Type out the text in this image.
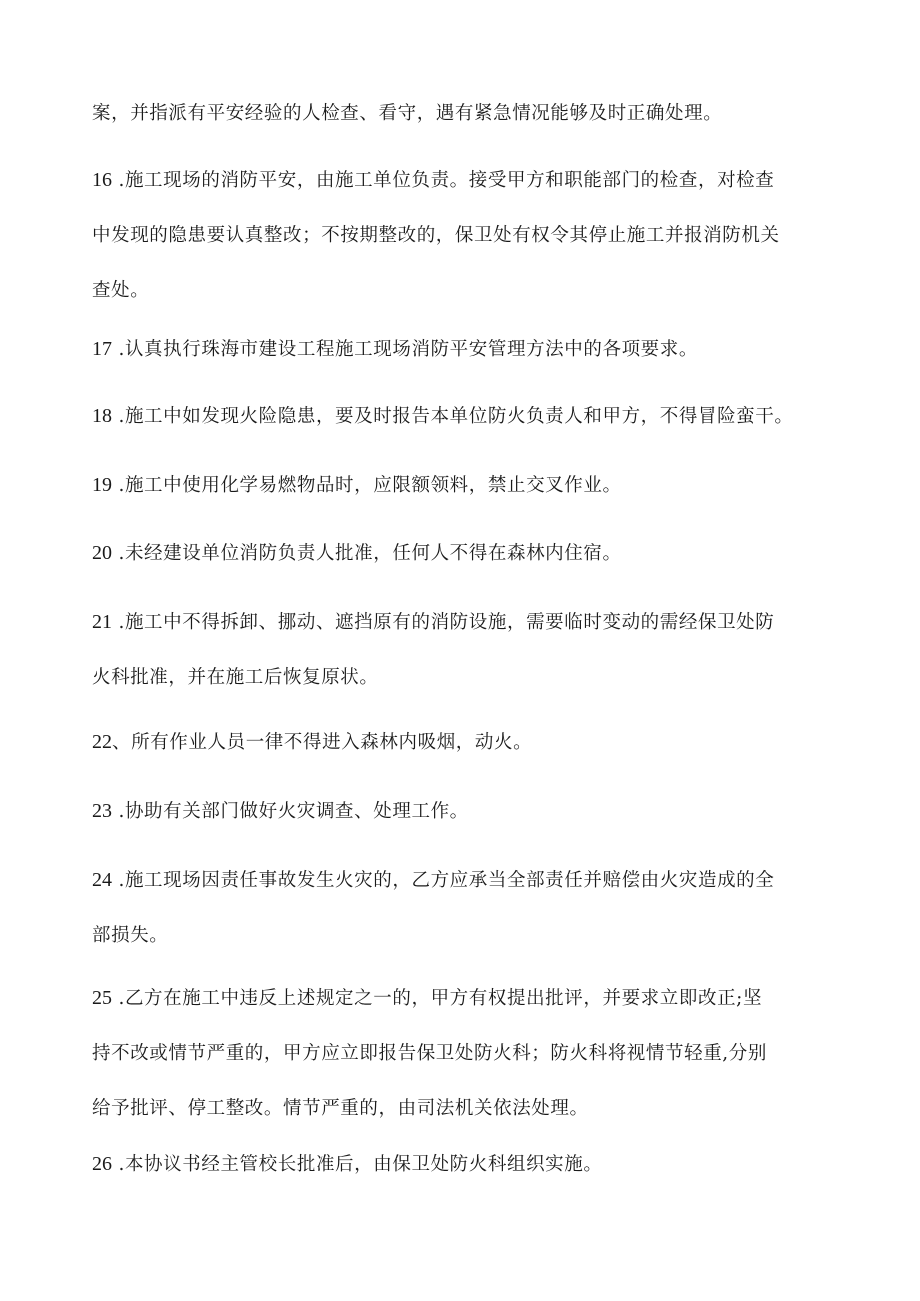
案，并指派有平安经验的人检查、看守，遇有紧急情况能够及时正确处理。

16 .施工现场的消防平安，由施工单位负责。接受甲方和职能部门的检查，对检查
中发现的隐患要认真整改；不按期整改的，保卫处有权令其停止施工并报消防机关
查处。

17 .认真执行珠海市建设工程施工现场消防平安管理方法中的各项要求。

18 .施工中如发现火险隐患，要及时报告本单位防火负责人和甲方，不得冒险蛮干。

19 .施工中使用化学易燃物品时，应限额领料，禁止交叉作业。

20 .未经建设单位消防负责人批准，任何人不得在森林内住宿。

21 .施工中不得拆卸、挪动、遮挡原有的消防设施，需要临时变动的需经保卫处防
火科批准，并在施工后恢复原状。

22、所有作业人员一律不得进入森林内吸烟，动火。

23 .协助有关部门做好火灾调查、处理工作。

24 .施工现场因责任事故发生火灾的，乙方应承当全部责任并赔偿由火灾造成的全
部损失。

25 .乙方在施工中违反上述规定之一的，甲方有权提出批评，并要求立即改正;坚
持不改或情节严重的，甲方应立即报告保卫处防火科；防火科将视情节轻重,分别
给予批评、停工整改。情节严重的，由司法机关依法处理。

26 .本协议书经主管校长批准后，由保卫处防火科组织实施。
